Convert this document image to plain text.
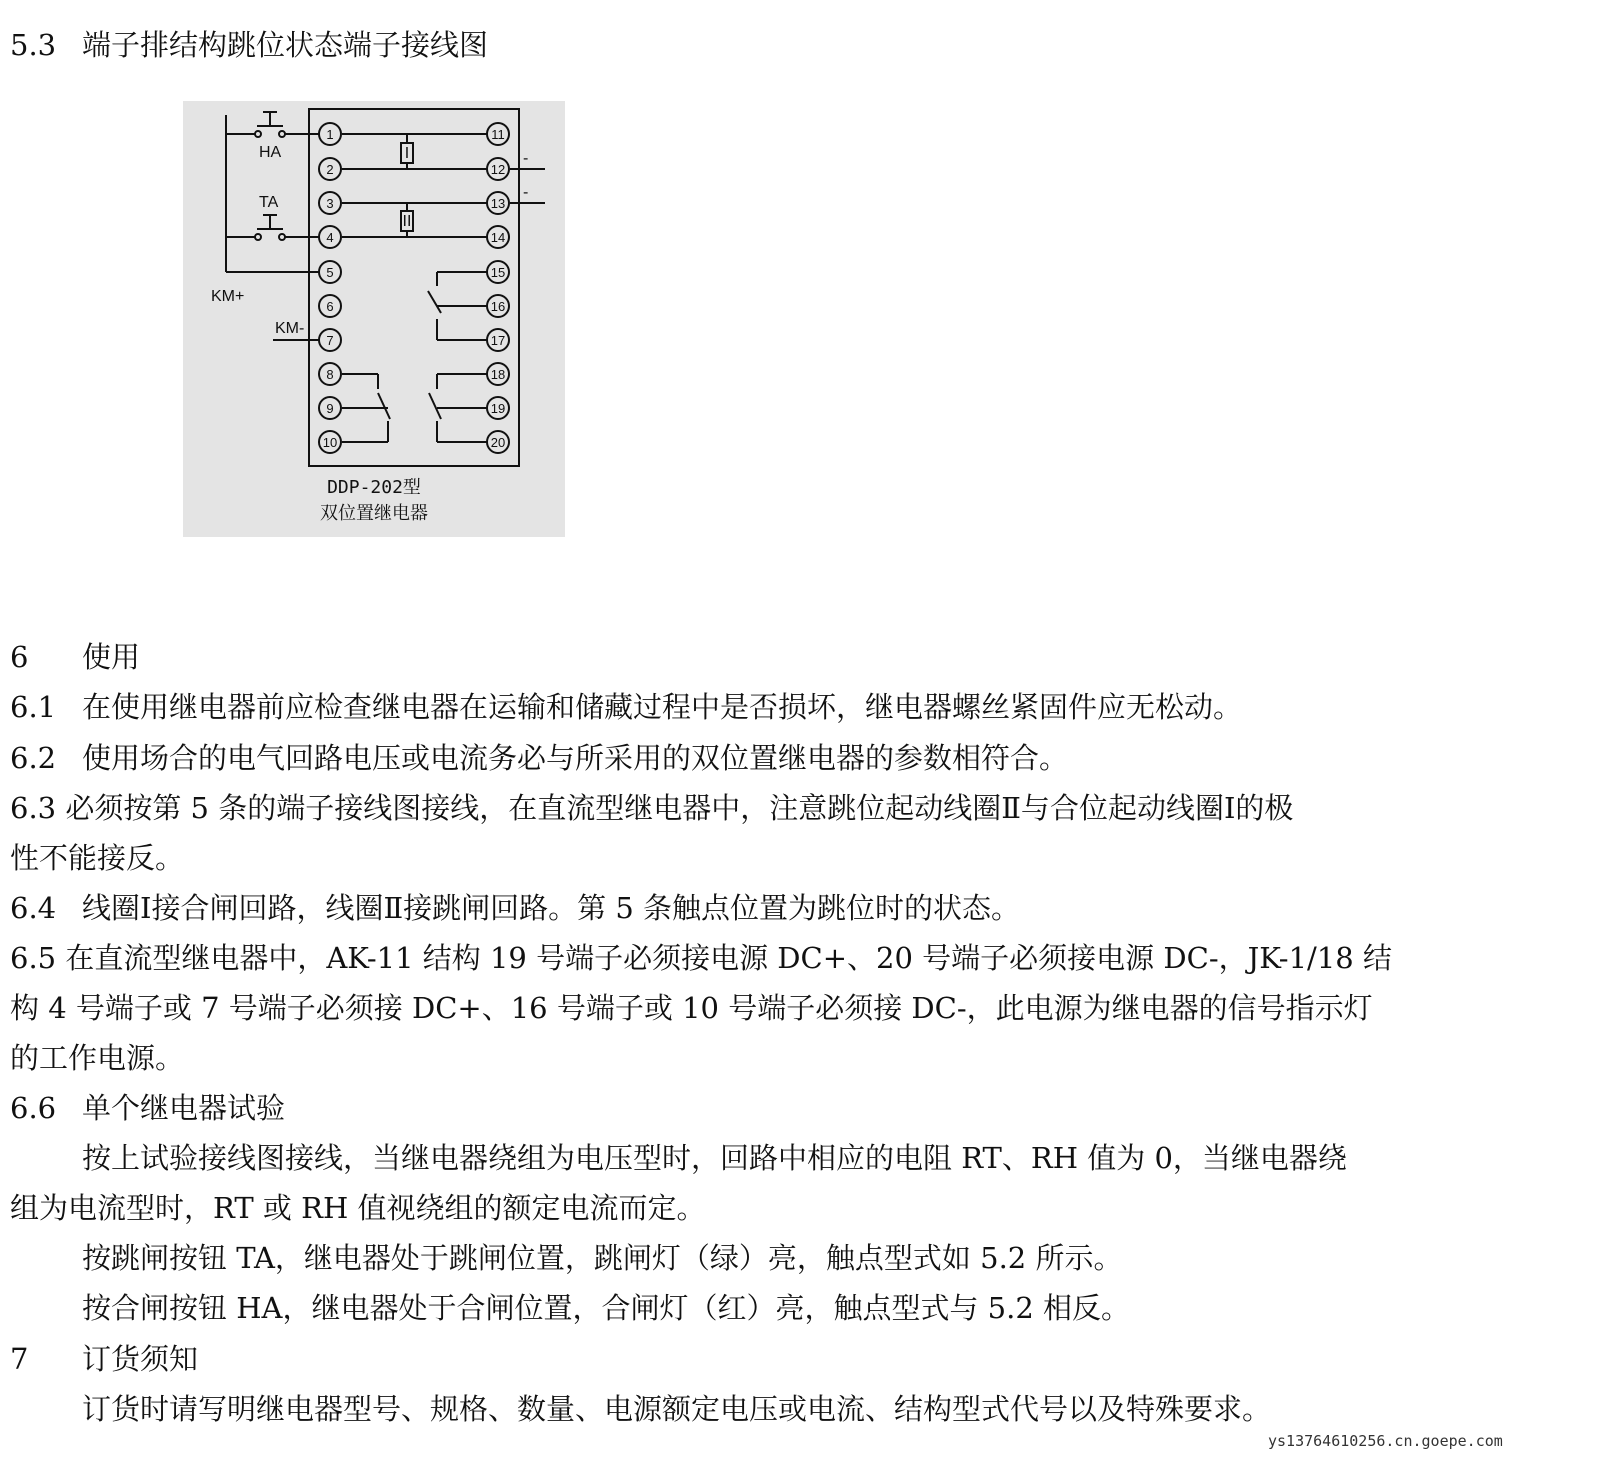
5.3 端子排结构跳位状态端子接线图
1
2
3
4
5
6
7
8
9
10
11
12
13
14
15
16
17
18
19
20
HA
TA
KM+
KM-
I
II
-
-
DDP-202型
双位置继电器
6 使用
6.1 在使用继电器前应检查继电器在运输和储藏过程中是否损坏，继电器螺丝紧固件应无松动。
6.2 使用场合的电气回路电压或电流务必与所采用的双位置继电器的参数相符合。
6.3 必须按第 5 条的端子接线图接线，在直流型继电器中，注意跳位起动线圈Ⅱ与合位起动线圈Ⅰ的极
性不能接反。
6.4 线圈Ⅰ接合闸回路，线圈Ⅱ接跳闸回路。第 5 条触点位置为跳位时的状态。
6.5 在直流型继电器中，AK-11 结构 19 号端子必须接电源 DC+、20 号端子必须接电源 DC-，JK-1/18 结
构 4 号端子或 7 号端子必须接 DC+、16 号端子或 10 号端子必须接 DC-，此电源为继电器的信号指示灯
的工作电源。
6.6 单个继电器试验
按上试验接线图接线，当继电器绕组为电压型时，回路中相应的电阻 RT、RH 值为 0，当继电器绕
组为电流型时，RT 或 RH 值视绕组的额定电流而定。
按跳闸按钮 TA，继电器处于跳闸位置，跳闸灯（绿）亮，触点型式如 5.2 所示。
按合闸按钮 HA，继电器处于合闸位置，合闸灯（红）亮，触点型式与 5.2 相反。
7 订货须知
订货时请写明继电器型号、规格、数量、电源额定电压或电流、结构型式代号以及特殊要求。
ys13764610256.cn.goepe.com
